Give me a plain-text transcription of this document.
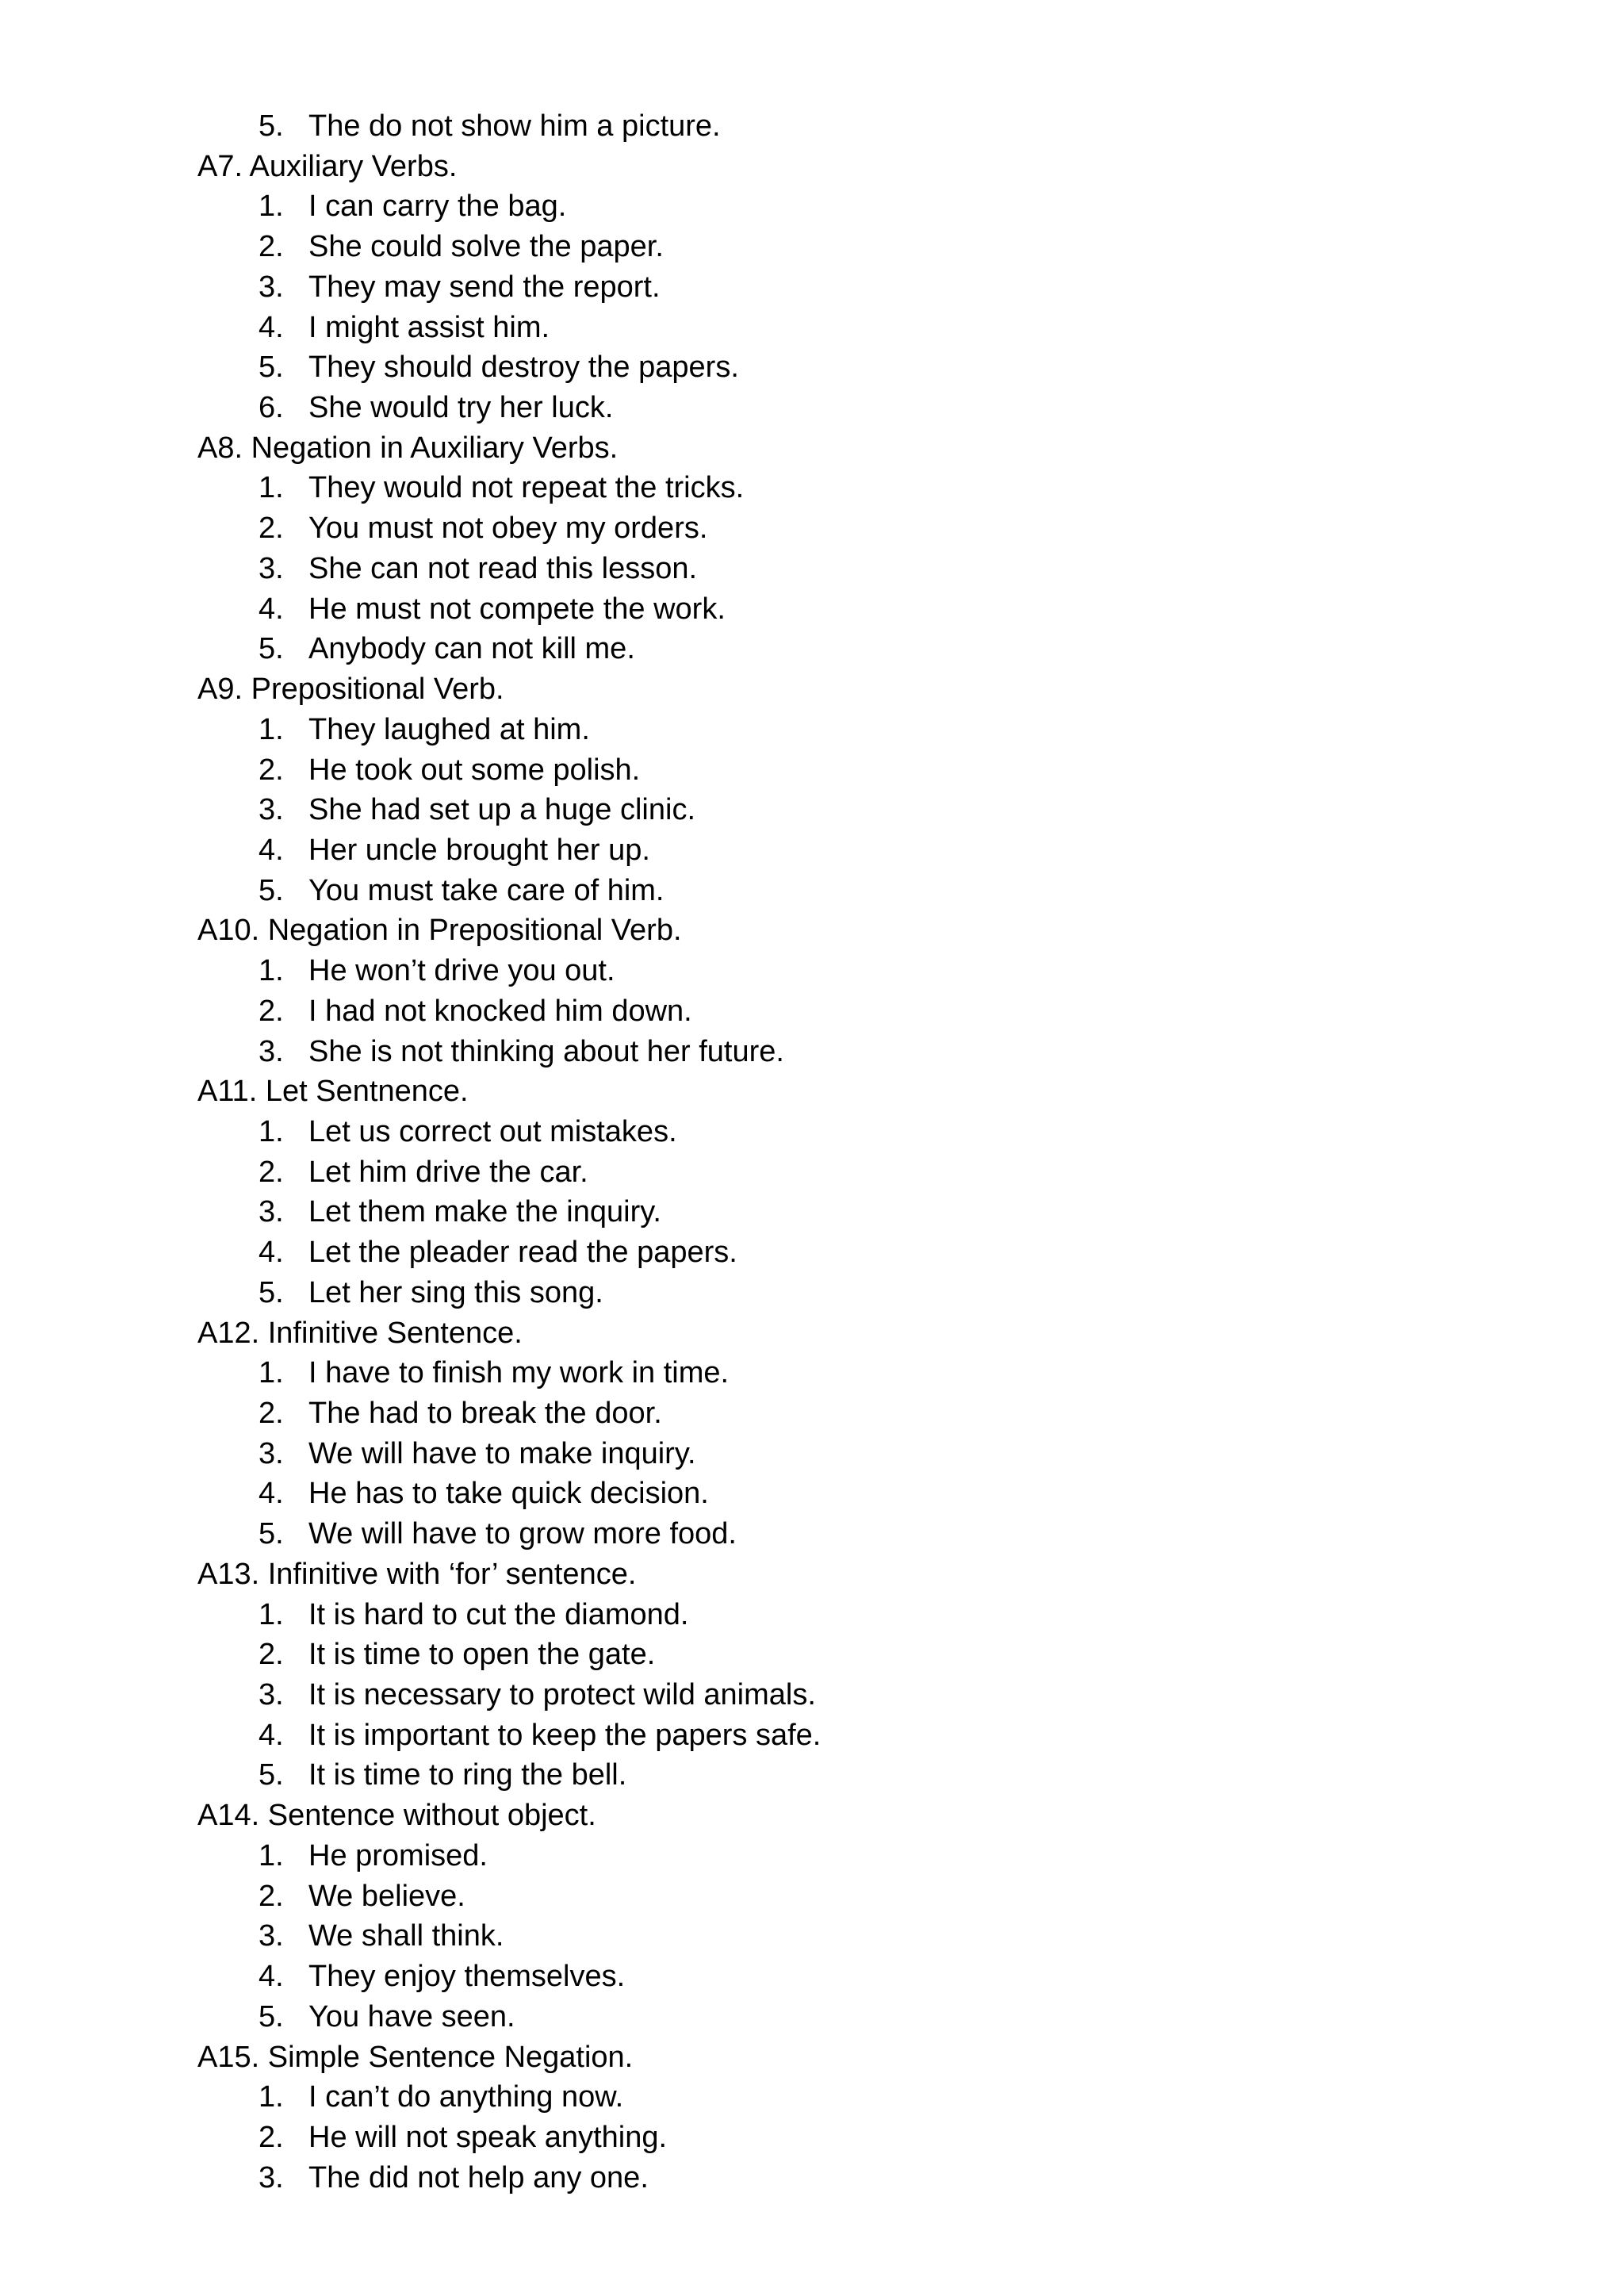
5. The do not show him a picture.
A7. Auxiliary Verbs.
1. I can carry the bag.
2. She could solve the paper.
3. They may send the report.
4. I might assist him.
5. They should destroy the papers.
6. She would try her luck.
A8. Negation in Auxiliary Verbs.
1. They would not repeat the tricks.
2. You must not obey my orders.
3. She can not read this lesson.
4. He must not compete the work.
5. Anybody can not kill me.
A9. Prepositional Verb.
1. They laughed at him.
2. He took out some polish.
3. She had set up a huge clinic.
4. Her uncle brought her up.
5. You must take care of him.
A10. Negation in Prepositional Verb.
1. He won’t drive you out.
2. I had not knocked him down.
3. She is not thinking about her future.
A11. Let Sentnence.
1. Let us correct out mistakes.
2. Let him drive the car.
3. Let them make the inquiry.
4. Let the pleader read the papers.
5. Let her sing this song.
A12. Infinitive Sentence.
1. I have to finish my work in time.
2. The had to break the door.
3. We will have to make inquiry.
4. He has to take quick decision.
5. We will have to grow more food.
A13. Infinitive with ‘for’ sentence.
1. It is hard to cut the diamond.
2. It is time to open the gate.
3. It is necessary to protect wild animals.
4. It is important to keep the papers safe.
5. It is time to ring the bell.
A14. Sentence without object.
1. He promised.
2. We believe.
3. We shall think.
4. They enjoy themselves.
5. You have seen.
A15. Simple Sentence Negation.
1. I can’t do anything now.
2. He will not speak anything.
3. The did not help any one.
